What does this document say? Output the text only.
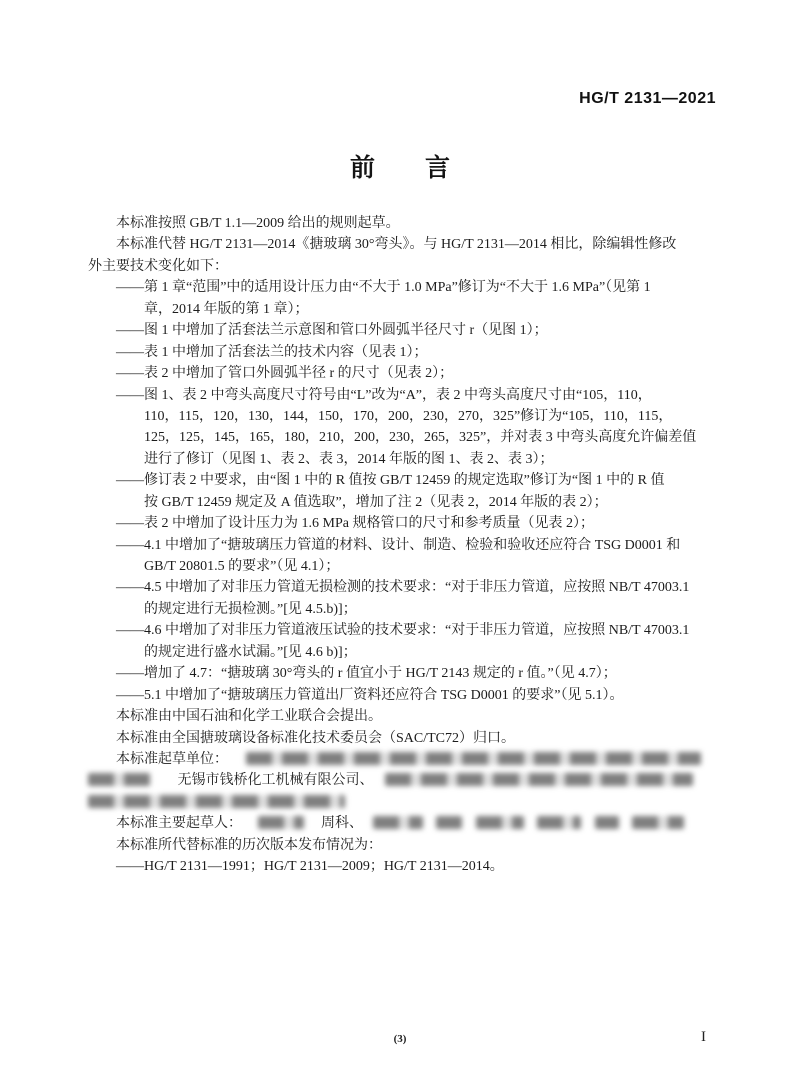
HG/T 2131—2021
前　　言
本标准按照 GB/T 1.1—2009 给出的规则起草。
本标准代替 HG/T 2131—2014《搪玻璃 30°弯头》。与 HG/T 2131—2014 相比，除编辑性修改
外主要技术变化如下：
——第 1 章“范围”中的适用设计压力由“不大于 1.0 MPa”修订为“不大于 1.6 MPa”（见第 1
章，2014 年版的第 1 章）；
——图 1 中增加了活套法兰示意图和管口外圆弧半径尺寸 r（见图 1）；
——表 1 中增加了活套法兰的技术内容（见表 1）；
——表 2 中增加了管口外圆弧半径 r 的尺寸（见表 2）；
——图 1、表 2 中弯头高度尺寸符号由“L”改为“A”，表 2 中弯头高度尺寸由“105，110，
110，115，120，130，144，150，170，200，230，270，325”修订为“105，110，115，
125，125，145，165，180，210，200，230，265，325”，并对表 3 中弯头高度允许偏差值
进行了修订（见图 1、表 2、表 3，2014 年版的图 1、表 2、表 3）；
——修订表 2 中要求，由“图 1 中的 R 值按 GB/T 12459 的规定选取”修订为“图 1 中的 R 值
按 GB/T 12459 规定及 A 值选取”，增加了注 2（见表 2，2014 年版的表 2）；
——表 2 中增加了设计压力为 1.6 MPa 规格管口的尺寸和参考质量（见表 2）；
——4.1 中增加了“搪玻璃压力管道的材料、设计、制造、检验和验收还应符合 TSG D0001 和
GB/T 20801.5 的要求”（见 4.1）；
——4.5 中增加了对非压力管道无损检测的技术要求：“对于非压力管道，应按照 NB/T 47003.1
的规定进行无损检测。”[见 4.5.b)]；
——4.6 中增加了对非压力管道液压试验的技术要求：“对于非压力管道，应按照 NB/T 47003.1
的规定进行盛水试漏。”[见 4.6 b)]；
——增加了 4.7：“搪玻璃 30°弯头的 r 值宜小于 HG/T 2143 规定的 r 值。”（见 4.7）；
——5.1 中增加了“搪玻璃压力管道出厂资料还应符合 TSG D0001 的要求”（见 5.1）。
本标准由中国石油和化学工业联合会提出。
本标准由全国搪玻璃设备标准化技术委员会（SAC/TC72）归口。
本标准起草单位：
无锡市钱桥化工机械有限公司、
本标准主要起草人：	周科、
本标准所代替标准的历次版本发布情况为：
——HG/T 2131—1991；HG/T 2131—2009；HG/T 2131—2014。
(3)	I
